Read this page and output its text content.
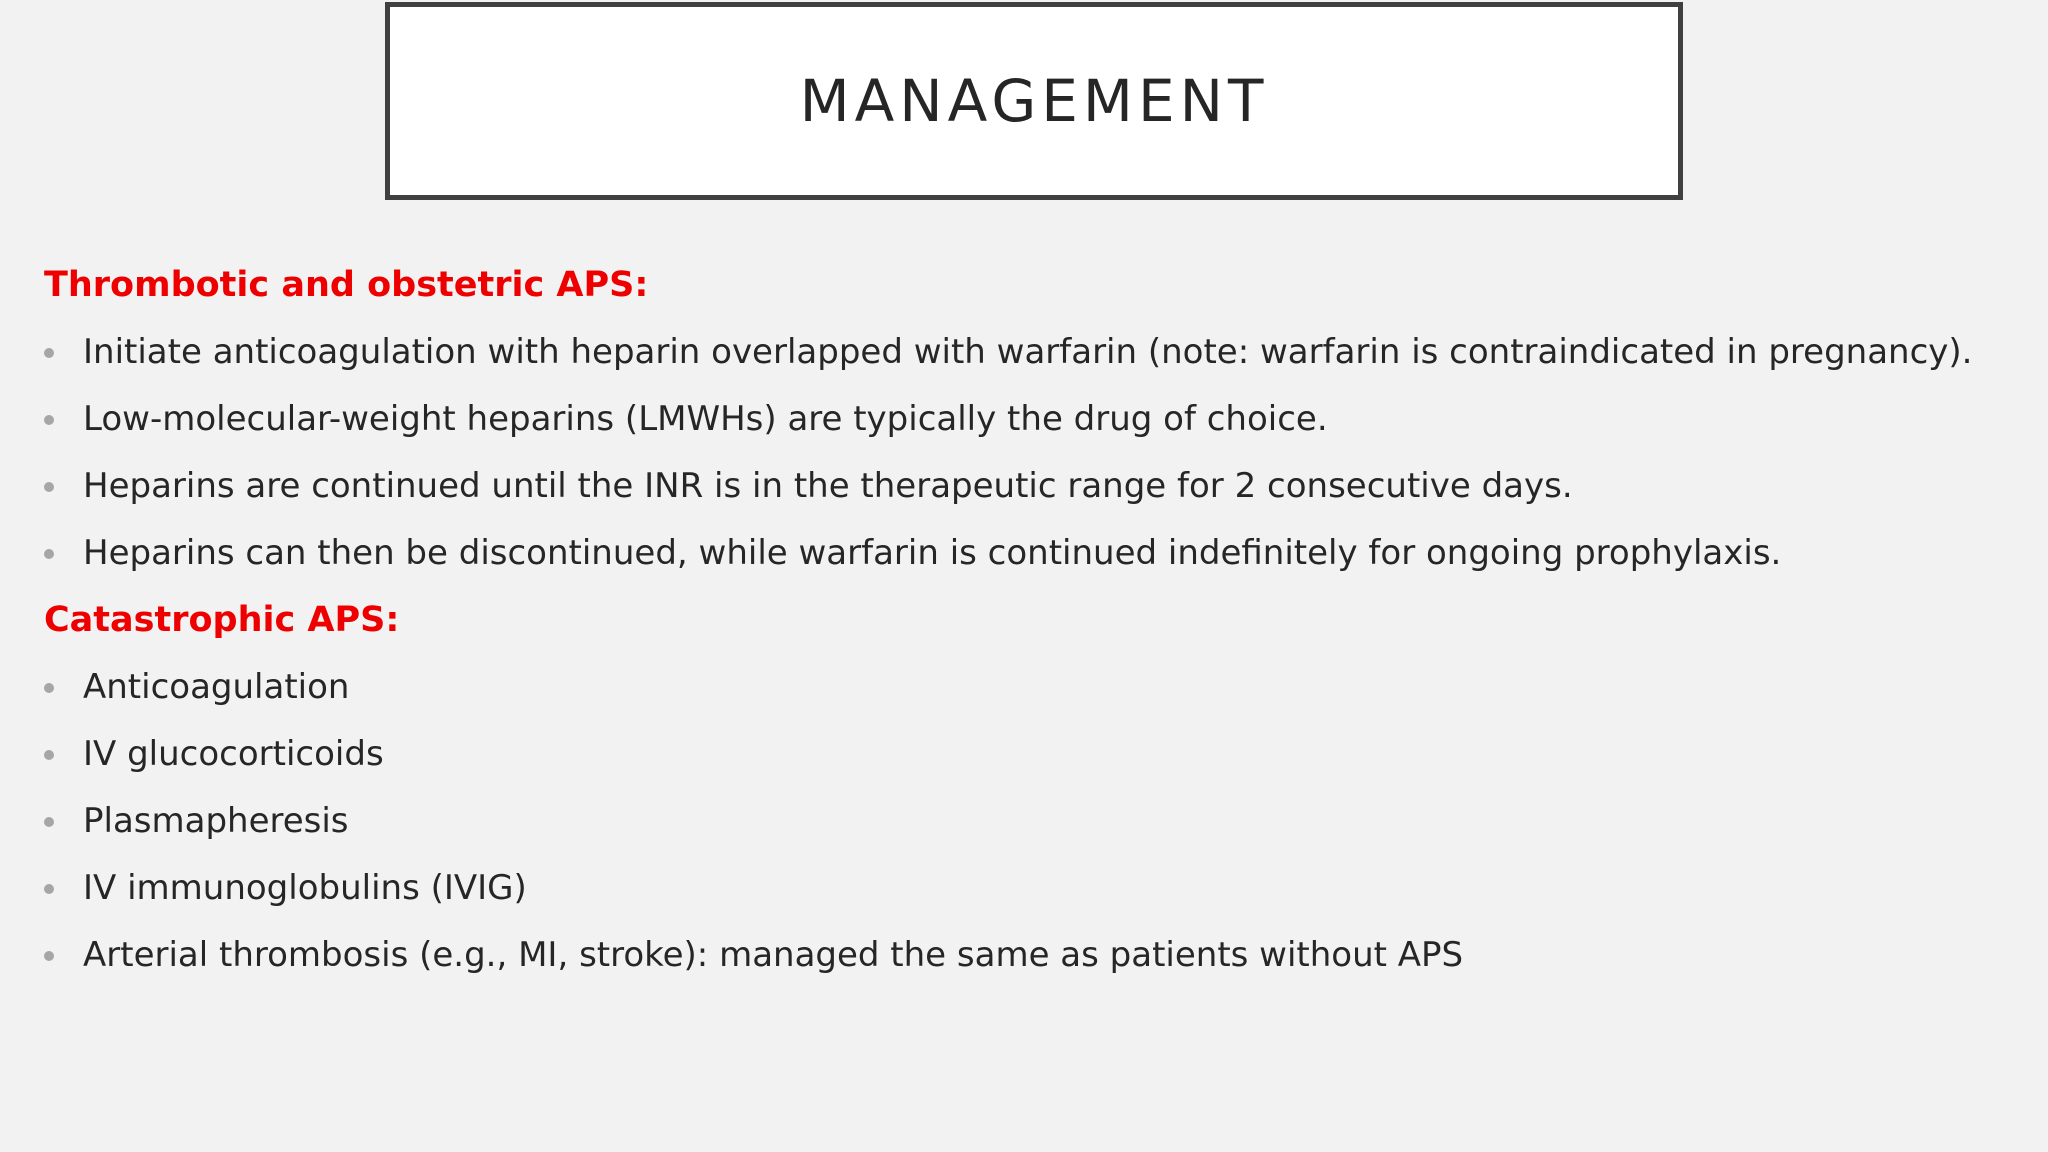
MANAGEMENT
Thrombotic and obstetric APS:
Initiate anticoagulation with heparin overlapped with warfarin (note: warfarin is contraindicated in pregnancy).
Low-molecular-weight heparins (LMWHs) are typically the drug of choice.
Heparins are continued until the INR is in the therapeutic range for 2 consecutive days.
Heparins can then be discontinued, while warfarin is continued indefinitely for ongoing prophylaxis.
Catastrophic APS:
Anticoagulation
IV glucocorticoids
Plasmapheresis
IV immunoglobulins (IVIG)
Arterial thrombosis (e.g., MI, stroke): managed the same as patients without APS
